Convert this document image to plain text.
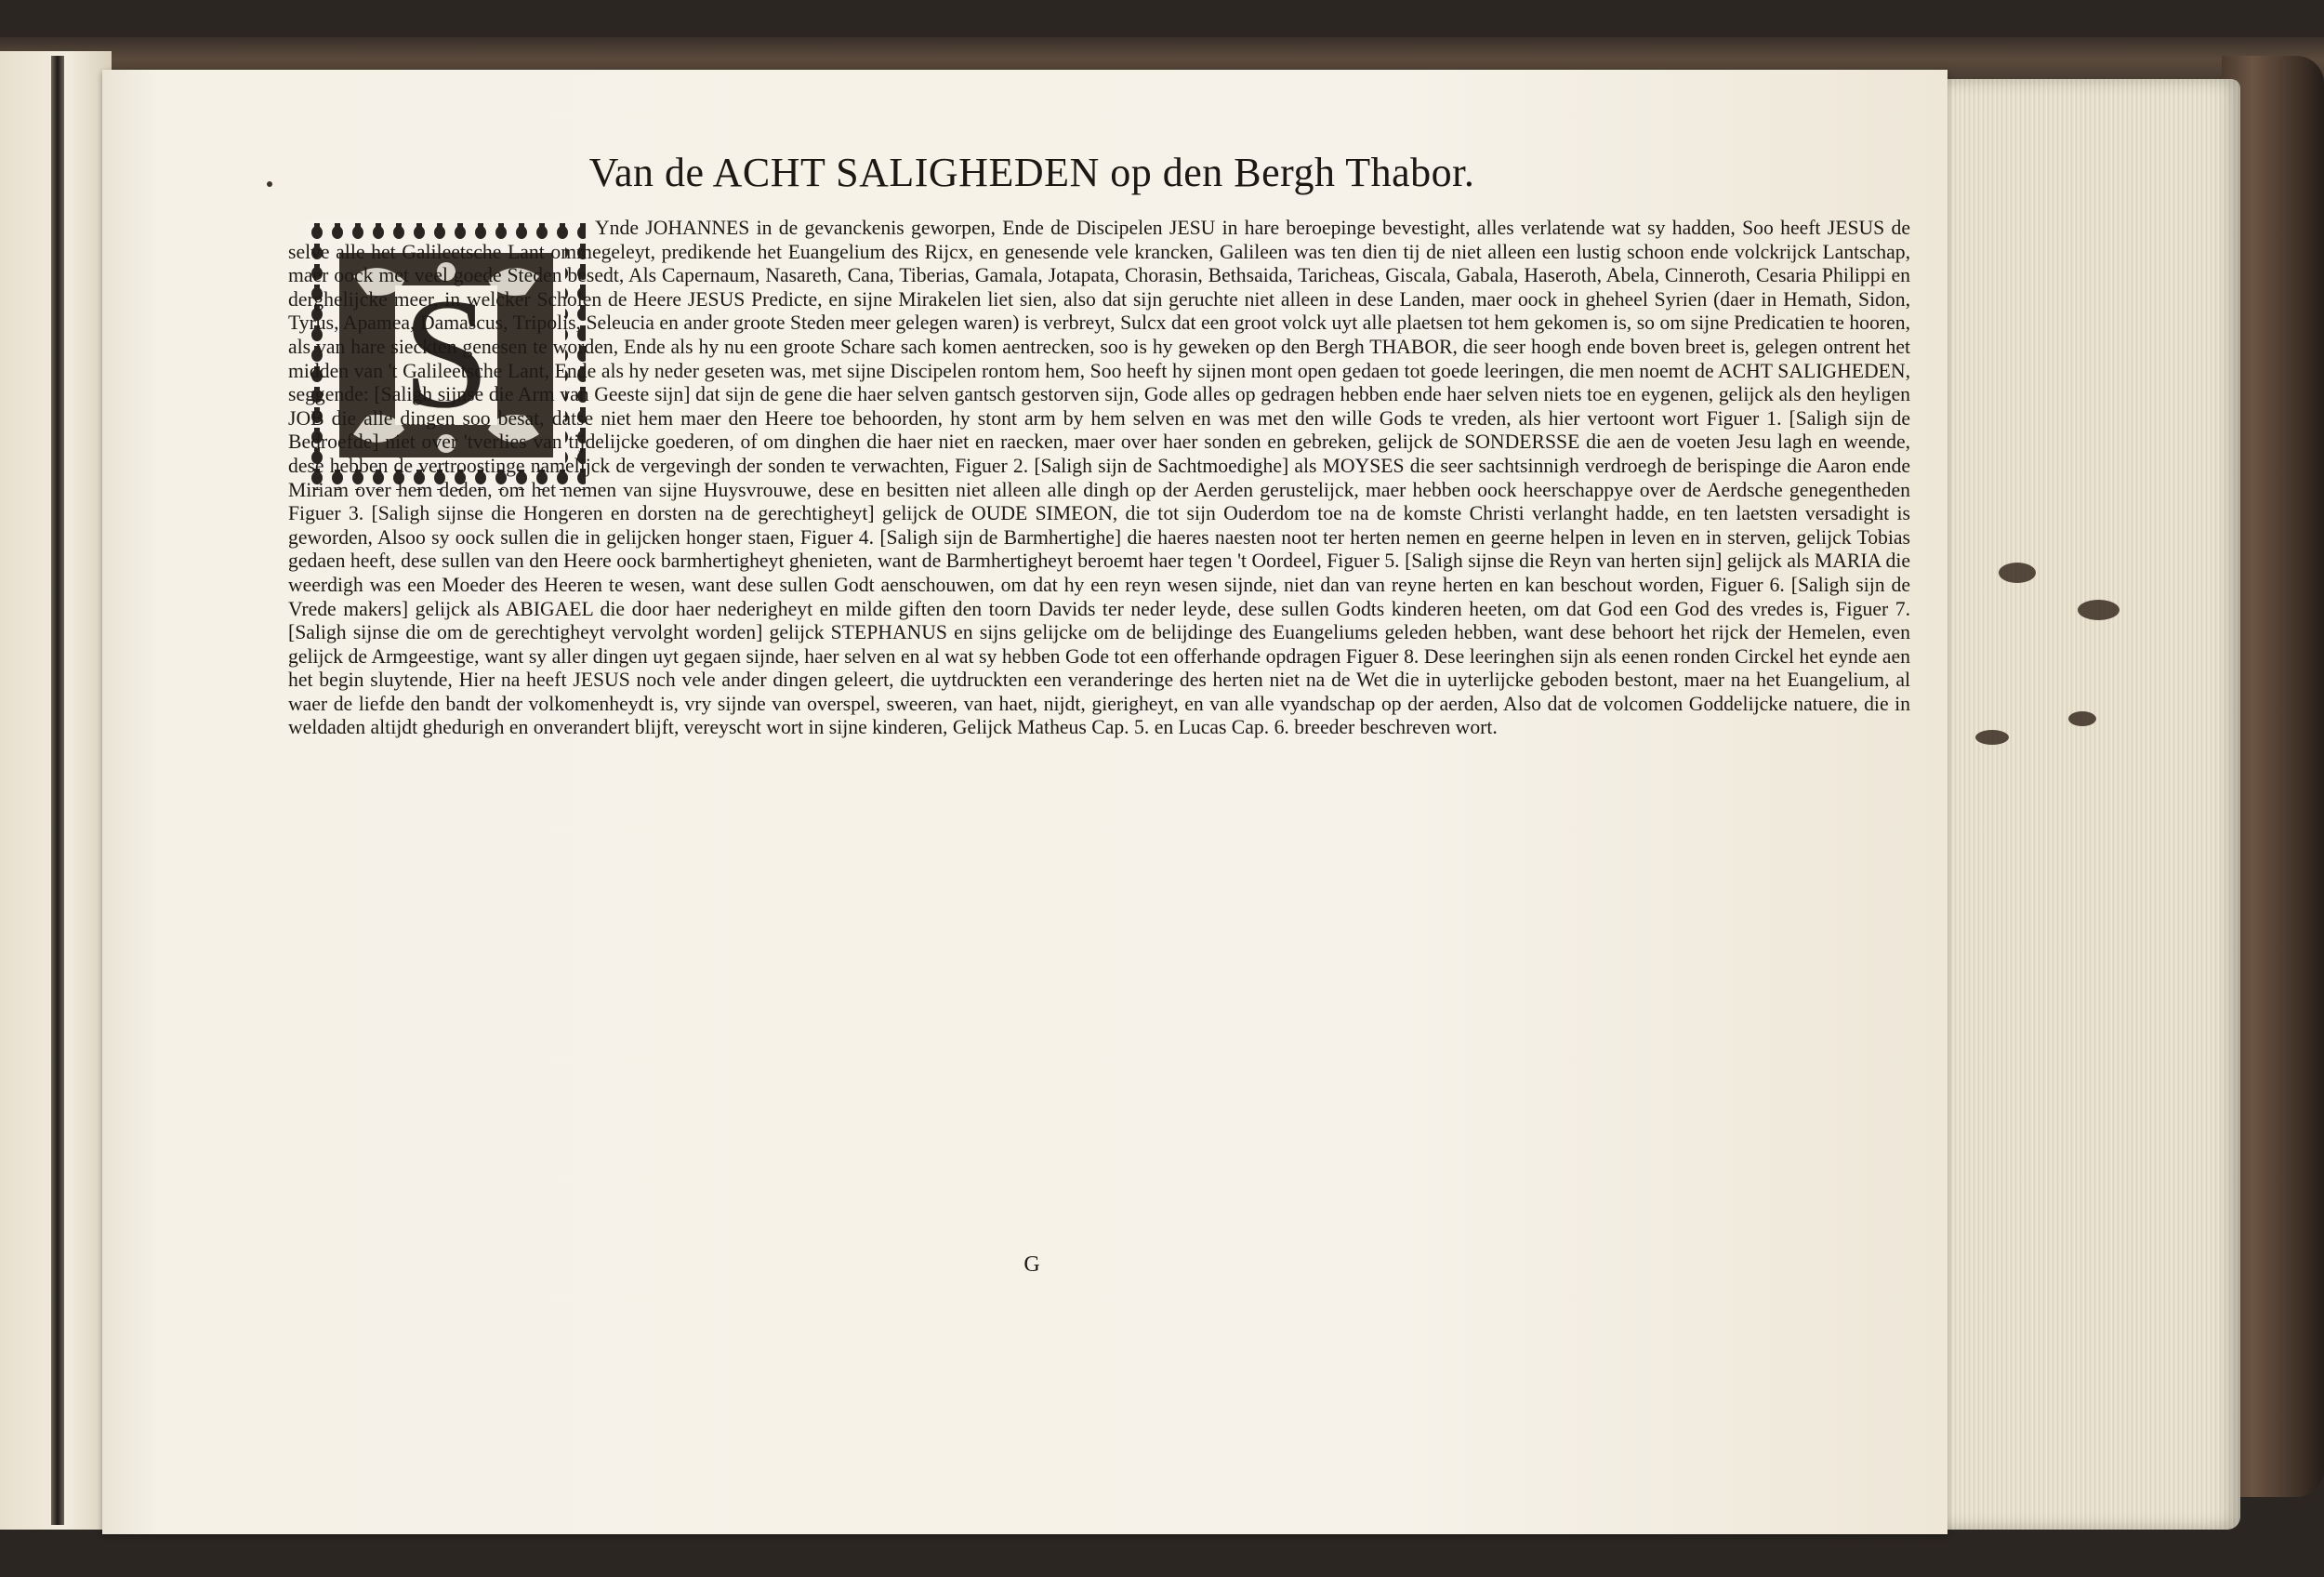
Van de ACHT SALIGHEDEN op den Bergh Thabor.
S

Ynde JOHANNES in de gevanckenis geworpen, Ende de Discipelen JESU in hare beroepinge bevestight, alles verlatende wat sy hadden, Soo heeft JESUS de selve alle het Galileetsche Lant ommegeleyt, predikende het Euangelium des Rijcx, en genesende vele krancken, Galileen was ten dien tij de niet alleen een lustig schoon ende volckrijck Lantschap, maer oock met veel goede Steden besedt, Als Capernaum, Nasareth, Cana, Tiberias, Gamala, Jotapata, Chorasin, Bethsaida, Taricheas, Giscala, Gabala, Haseroth, Abela, Cinneroth, Cesaria Philippi en derghelijcke meer, in welcker Scholen de Heere JESUS Predicte, en sijne Mirakelen liet sien, also dat sijn geruchte niet alleen in dese Landen, maer oock in gheheel Syrien (daer in Hemath, Sidon, Tyrus, Apamea, Damascus, Tripolis, Seleucia en ander groote Steden meer gelegen waren) is verbreyt, Sulcx dat een groot volck uyt alle plaetsen tot hem gekomen is, so om sijne Predicatien te hooren, als van hare sieckten genesen te worden, Ende als hy nu een groote Schare sach komen aentrecken, soo is hy geweken op den Bergh THABOR, die seer hoogh ende boven breet is, gelegen ontrent het midden van 't Galileetsche Lant, Ende als hy neder geseten was, met sijne Discipelen rontom hem, Soo heeft hy sijnen mont open gedaen tot goede leeringen, die men noemt de ACHT SALIGHEDEN, seggende: [Saligh sijnse die Arm van Geeste sijn] dat sijn de gene die haer selven gantsch gestorven sijn, Gode alles op gedragen hebben ende haer selven niets toe en eygenen, gelijck als den heyligen JOB die alle dingen soo besat, datse niet hem maer den Heere toe behoorden, hy stont arm by hem selven en was met den wille Gods te vreden, als hier vertoont wort Figuer 1. [Saligh sijn de Bedroefde] niet over 'tverlies van tijdelijcke goederen, of om dinghen die haer niet en raecken, maer over haer sonden en gebreken, gelijck de SONDERSSE die aen de voeten Jesu lagh en weende, dese hebben de vertroostinge namelijck de vergevingh der sonden te verwachten, Figuer 2. [Saligh sijn de Sachtmoedighe] als MOYSES die seer sachtsinnigh verdroegh de berispinge die Aaron ende Miriam over hem deden, om het nemen van sijne Huysvrouwe, dese en besitten niet alleen alle dingh op der Aerden gerustelijck, maer hebben oock heerschappye over de Aerdsche genegentheden Figuer 3. [Saligh sijnse die Hongeren en dorsten na de gerechtigheyt] gelijck de OUDE SIMEON, die tot sijn Ouderdom toe na de komste Christi verlanght hadde, en ten laetsten versadight is geworden, Alsoo sy oock sullen die in gelijcken honger staen, Figuer 4. [Saligh sijn de Barmhertighe] die haeres naesten noot ter herten nemen en geerne helpen in leven en in sterven, gelijck Tobias gedaen heeft, dese sullen van den Heere oock barmhertigheyt ghenieten, want de Barmhertigheyt beroemt haer tegen 't Oordeel, Figuer 5. [Saligh sijnse die Reyn van herten sijn] gelijck als MARIA die weerdigh was een Moeder des Heeren te wesen, want dese sullen Godt aenschouwen, om dat hy een reyn wesen sijnde, niet dan van reyne herten en kan beschout worden, Figuer 6. [Saligh sijn de Vrede makers] gelijck als ABIGAEL die door haer nederigheyt en milde giften den toorn Davids ter neder leyde, dese sullen Godts kinderen heeten, om dat God een God des vredes is, Figuer 7. [Saligh sijnse die om de gerechtigheyt vervolght worden] gelijck STEPHANUS en sijns gelijcke om de belijdinge des Euangeliums geleden hebben, want dese behoort het rijck der Hemelen, even gelijck de Armgeestige, want sy aller dingen uyt gegaen sijnde, haer selven en al wat sy hebben Gode tot een offerhande opdragen Figuer 8. Dese leeringhen sijn als eenen ronden Circkel het eynde aen het begin sluytende, Hier na heeft JESUS noch vele ander dingen geleert, die uytdruckten een veranderinge des herten niet na de Wet die in uyterlijcke geboden bestont, maer na het Euangelium, al waer de liefde den bandt der volkomenheydt is, vry sijnde van overspel, sweeren, van haet, nijdt, gierigheyt, en van alle vyandschap op der aerden, Also dat de volcomen Goddelijcke natuere, die in weldaden altijdt ghedurigh en onverandert blijft, vereyscht wort in sijne kinderen, Gelijck Matheus Cap. 5. en Lucas Cap. 6. breeder beschreven wort.

G
